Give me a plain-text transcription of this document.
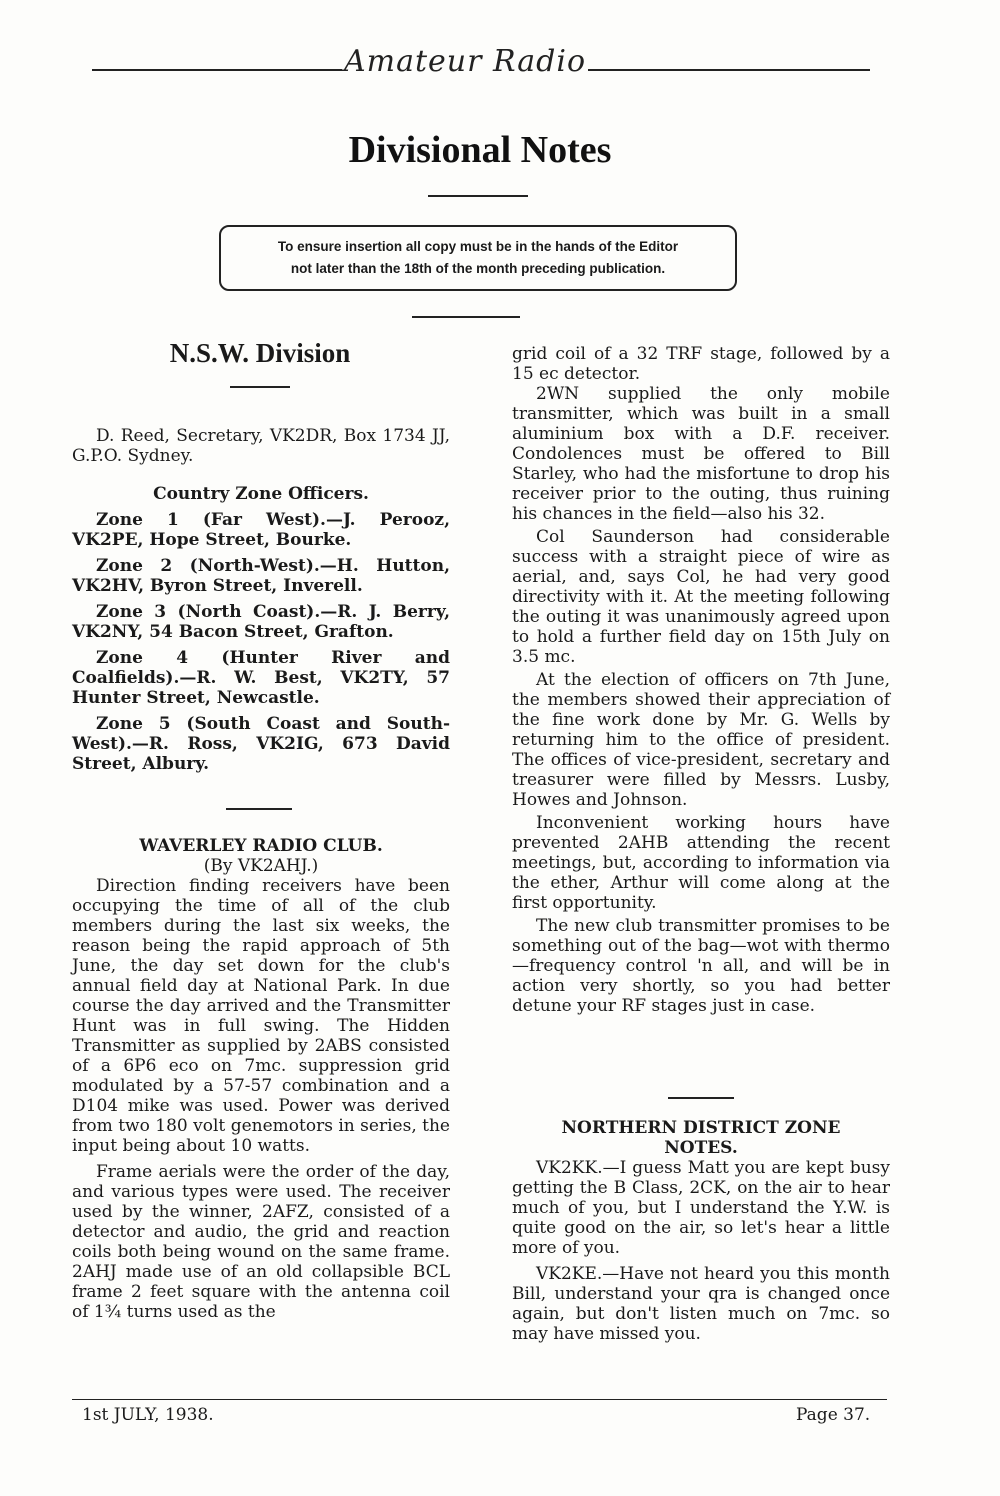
Amateur Radio
Divisional Notes
To ensure insertion all copy must be in the hands of the Editor
not later than the 18th of the month preceding publication.
N.S.W. Division

D. Reed, Secretary, VK2DR, Box 1734 JJ, G.P.O. Sydney.

Country Zone Officers.

Zone 1 (Far West).—J. Perooz, VK2PE, Hope Street, Bourke.

Zone 2 (North-West).—H. Hutton, VK2HV, Byron Street, Inverell.

Zone 3 (North Coast).—R. J. Berry, VK2NY, 54 Bacon Street, Grafton.

Zone 4 (Hunter River and Coalfields).—R. W. Best, VK2TY, 57 Hunter Street, Newcastle.

Zone 5 (South Coast and South-West).—R. Ross, VK2IG, 673 David Street, Albury.

WAVERLEY RADIO CLUB.

(By VK2AHJ.)

Direction finding receivers have been occupying the time of all of the club members during the last six weeks, the reason being the rapid approach of 5th June, the day set down for the club's annual field day at National Park. In due course the day arrived and the Transmitter Hunt was in full swing. The Hidden Transmitter as supplied by 2ABS consisted of a 6P6 eco on 7mc. suppression grid modulated by a 57-57 combination and a D104 mike was used. Power was derived from two 180 volt genemotors in series, the input being about 10 watts.

Frame aerials were the order of the day, and various types were used. The receiver used by the winner, 2AFZ, consisted of a detector and audio, the grid and reaction coils both being wound on the same frame. 2AHJ made use of an old collapsible BCL frame 2 feet square with the antenna coil of 1¾ turns used as the

grid coil of a 32 TRF stage, followed by a 15 ec detector.

2WN supplied the only mobile transmitter, which was built in a small aluminium box with a D.F. receiver. Condolences must be offered to Bill Starley, who had the misfortune to drop his receiver prior to the outing, thus ruining his chances in the field—also his 32.

Col Saunderson had considerable success with a straight piece of wire as aerial, and, says Col, he had very good directivity with it. At the meeting following the outing it was unanimously agreed upon to hold a further field day on 15th July on 3.5 mc.

At the election of officers on 7th June, the members showed their appreciation of the fine work done by Mr. G. Wells by returning him to the office of president. The offices of vice-president, secretary and treasurer were filled by Messrs. Lusby, Howes and Johnson.

Inconvenient working hours have prevented 2AHB attending the recent meetings, but, according to information via the ether, Arthur will come along at the first opportunity.

The new club transmitter promises to be something out of the bag—wot with thermo—frequency control 'n all, and will be in action very shortly, so you had better detune your RF stages just in case.

NORTHERN DISTRICT ZONE NOTES.

VK2KK.—I guess Matt you are kept busy getting the B Class, 2CK, on the air to hear much of you, but I understand the Y.W. is quite good on the air, so let's hear a little more of you.

VK2KE.—Have not heard you this month Bill, understand your qra is changed once again, but don't listen much on 7mc. so may have missed you.

1st JULY, 1938.	Page 37.
